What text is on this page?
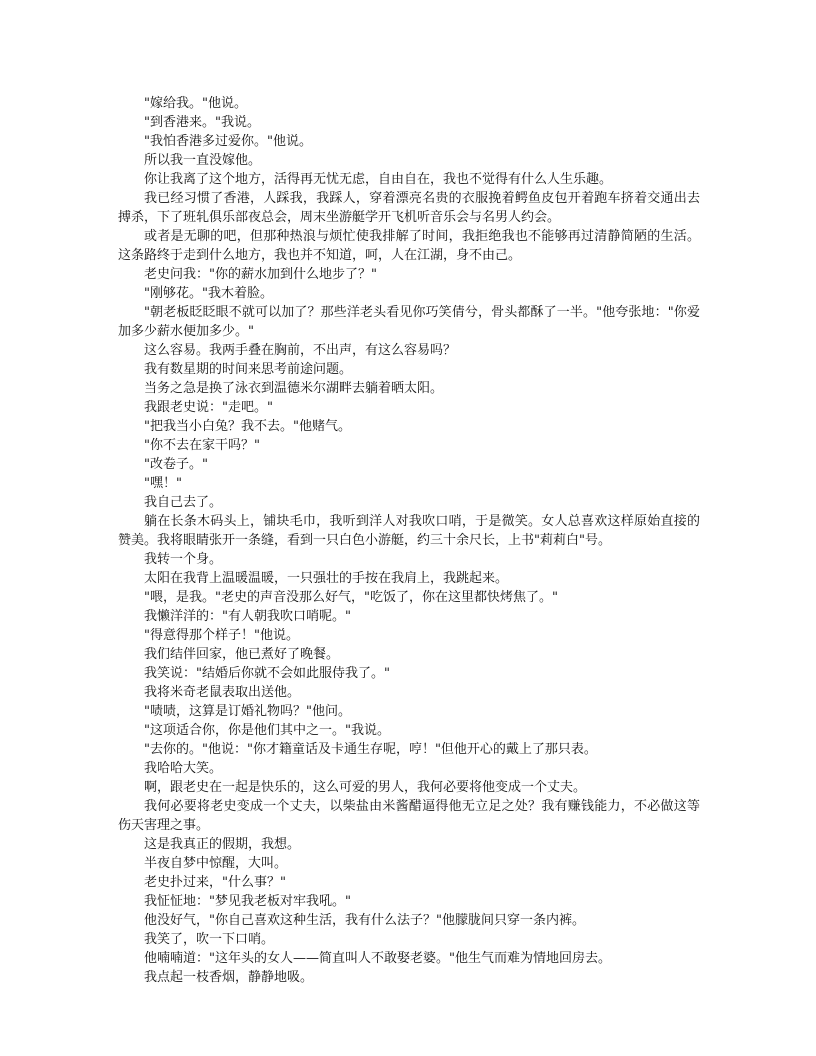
"嫁给我。"他说。

"到香港来。"我说。

"我怕香港多过爱你。"他说。

所以我一直没嫁他。

你让我离了这个地方，活得再无忧无虑，自由自在，我也不觉得有什么人生乐趣。

我已经习惯了香港，人踩我，我踩人，穿着漂亮名贵的衣服挽着鳄鱼皮包开着跑车挤着交通出去搏杀，下了班轧俱乐部夜总会，周末坐游艇学开飞机听音乐会与名男人约会。

或者是无聊的吧，但那种热浪与烦忙使我排解了时间，我拒绝我也不能够再过清静简陋的生活。这条路终于走到什么地方，我也并不知道，呵，人在江湖，身不由己。

老史问我："你的薪水加到什么地步了？"

"刚够花。"我木着脸。

"朝老板眨眨眼不就可以加了？那些洋老头看见你巧笑倩兮，骨头都酥了一半。"他夸张地："你爱加多少薪水便加多少。"

这么容易。我两手叠在胸前，不出声，有这么容易吗？

我有数星期的时间来思考前途问题。

当务之急是换了泳衣到温德米尔湖畔去躺着晒太阳。

我跟老史说："走吧。"

"把我当小白兔？我不去。"他赌气。

"你不去在家干吗？"

"改卷子。"

"嘿！"

我自己去了。

躺在长条木码头上，铺块毛巾，我听到洋人对我吹口哨，于是微笑。女人总喜欢这样原始直接的赞美。我将眼睛张开一条缝，看到一只白色小游艇，约三十余尺长，上书"莉莉白"号。

我转一个身。

太阳在我背上温暖温暖，一只强壮的手按在我肩上，我跳起来。

"喂，是我。"老史的声音没那么好气，"吃饭了，你在这里都快烤焦了。"

我懒洋洋的："有人朝我吹口哨呢。"

"得意得那个样子！"他说。

我们结伴回家，他已煮好了晚餐。

我笑说："结婚后你就不会如此服侍我了。"

我将米奇老鼠表取出送他。

"啧啧，这算是订婚礼物吗？"他问。

"这项适合你，你是他们其中之一。"我说。

"去你的。"他说："你才籍童话及卡通生存呢，哼！"但他开心的戴上了那只表。

我哈哈大笑。

啊，跟老史在一起是快乐的，这么可爱的男人，我何必要将他变成一个丈夫。

我何必要将老史变成一个丈夫，以柴盐由米酱醋逼得他无立足之处？我有赚钱能力，不必做这等伤天害理之事。

这是我真正的假期，我想。

半夜自梦中惊醒，大叫。

老史扑过来，"什么事？"

我怔怔地："梦见我老板对牢我吼。"

他没好气，"你自己喜欢这种生活，我有什么法子？"他朦胧间只穿一条内裤。

我笑了，吹一下口哨。

他喃喃道："这年头的女人——简直叫人不敢娶老婆。"他生气而难为情地回房去。

我点起一枝香烟，静静地吸。
